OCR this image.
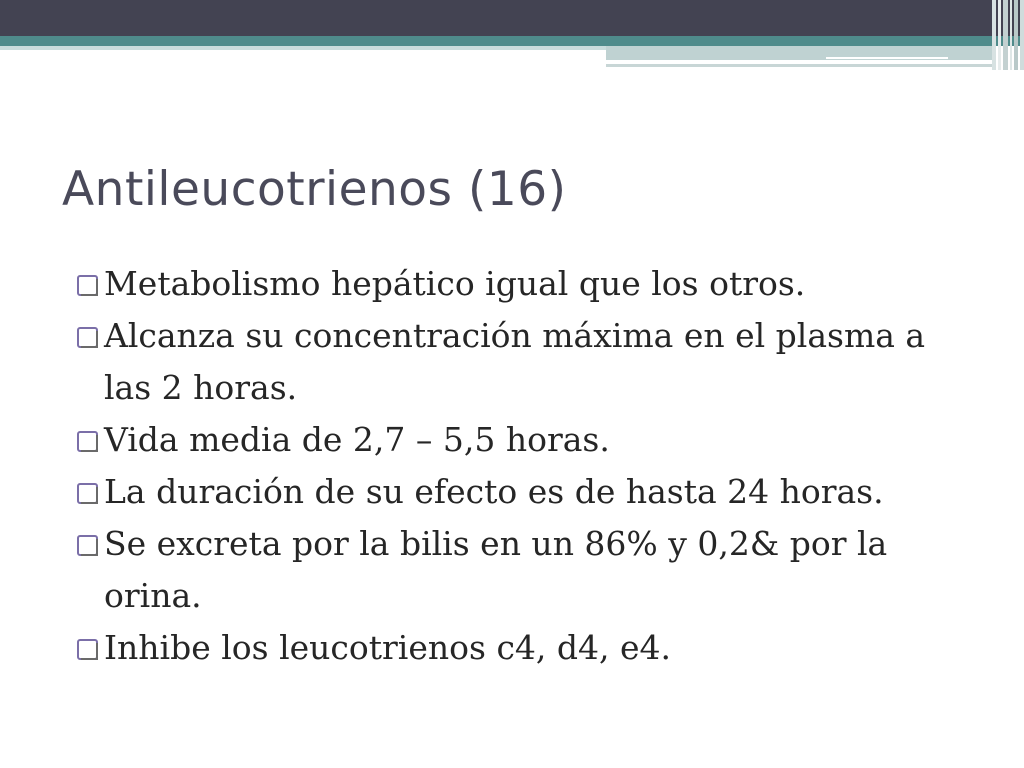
Antileucotrienos (16)
Metabolismo hepático igual que los otros.
Alcanza su concentración máxima en el plasma a las 2 horas.
Vida media de 2,7 – 5,5 horas.
La duración de su efecto es de hasta 24 horas.
Se excreta por la bilis en un 86% y 0,2& por la orina.
Inhibe los leucotrienos c4, d4, e4.
